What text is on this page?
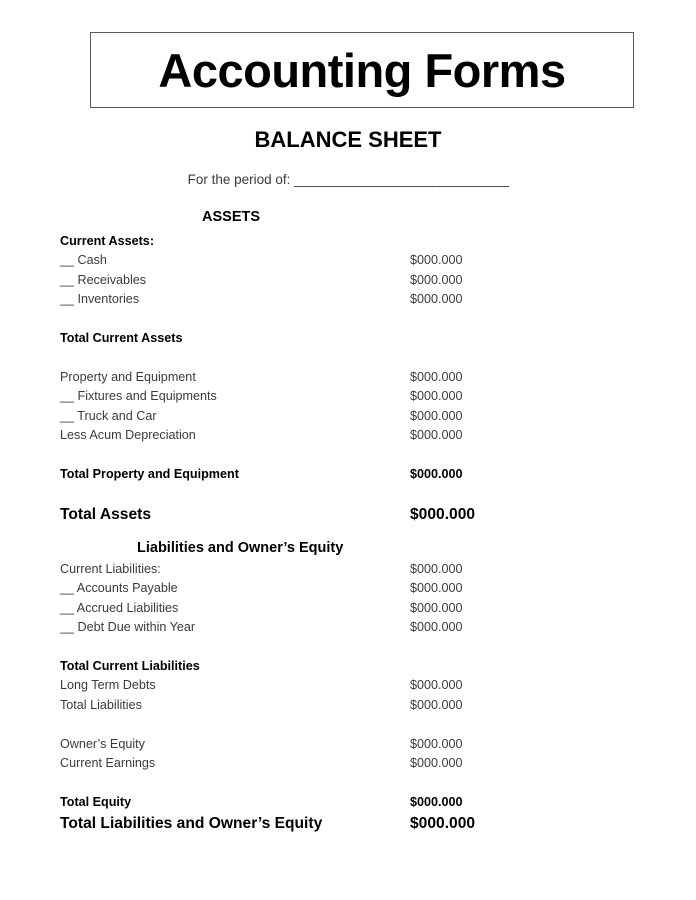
Accounting Forms
BALANCE SHEET
For the period of: _______________________________
ASSETS
Current Assets:
__ Cash	$000.000
__ Receivables	$000.000
__ Inventories	$000.000
Total Current Assets
Property and Equipment	$000.000
__ Fixtures and Equipments	$000.000
__ Truck and Car	$000.000
Less Acum Depreciation	$000.000
Total Property and Equipment	$000.000
Total Assets	$000.000
Liabilities and Owner’s Equity
Current Liabilities:	$000.000
__ Accounts Payable	$000.000
__ Accrued Liabilities	$000.000
__ Debt Due within Year	$000.000
Total Current Liabilities
Long Term Debts	$000.000
Total Liabilities	$000.000
Owner’s Equity	$000.000
Current Earnings	$000.000
Total Equity	$000.000
Total Liabilities and Owner’s Equity	$000.000
